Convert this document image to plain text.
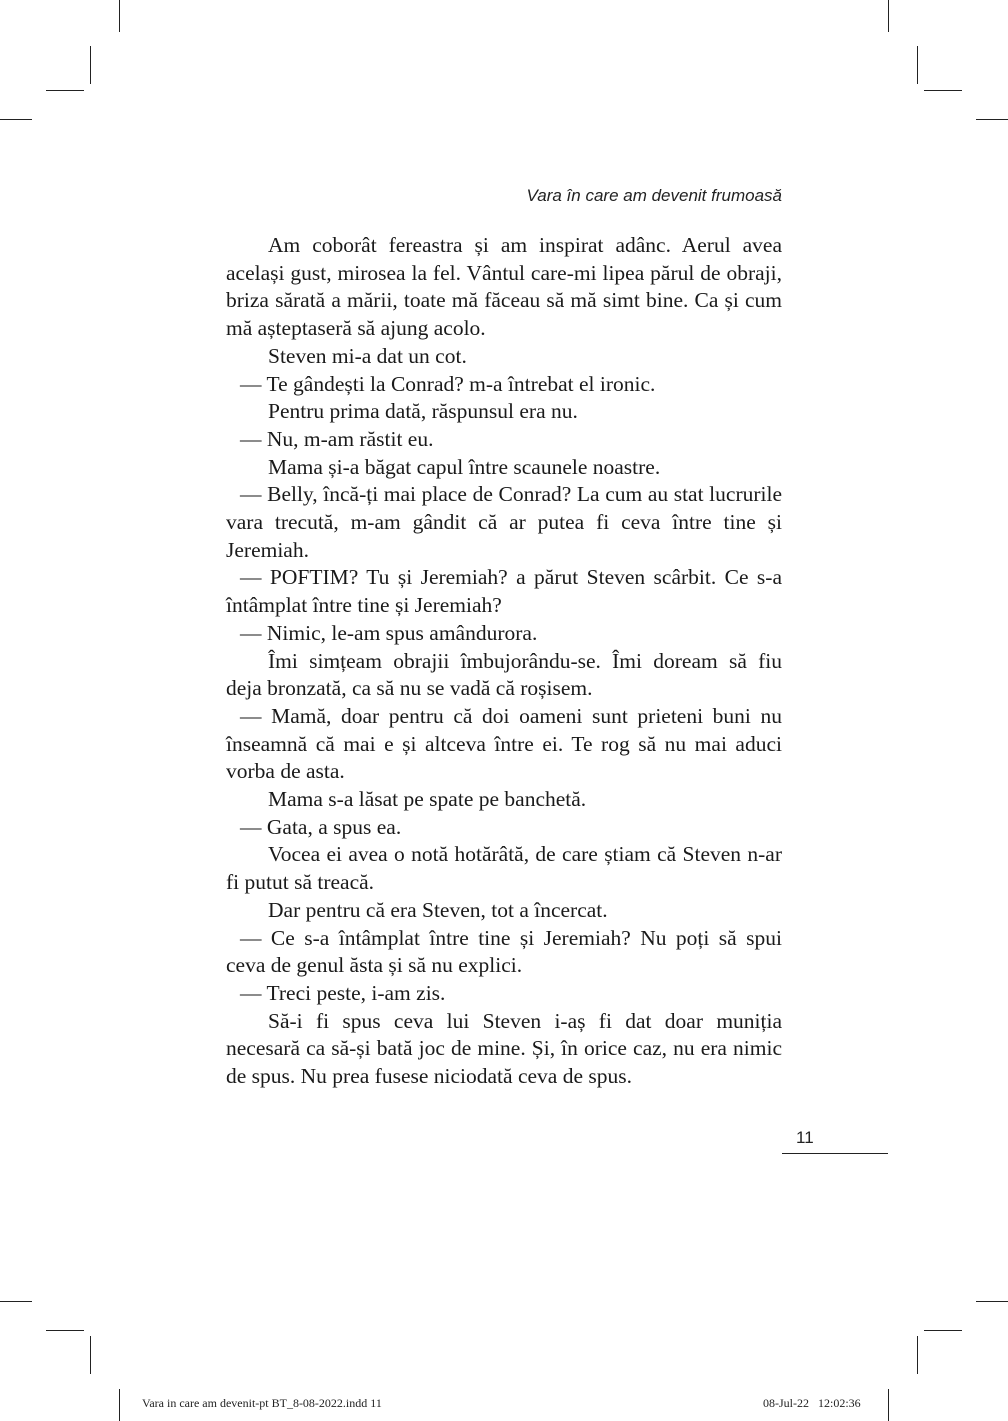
Vara în care am devenit frumoasă

Am coborât fereastra și am inspirat adânc. Aerul avea același gust, mirosea la fel. Vântul care-mi lipea părul de obraji, briza sărată a mării, toate mă făceau să mă simt bine. Ca și cum mă așteptaseră să ajung acolo.

Steven mi-a dat un cot.

— Te gândești la Conrad? m-a întrebat el ironic.

Pentru prima dată, răspunsul era nu.

— Nu, m-am răstit eu.

Mama și-a băgat capul între scaunele noastre.

— Belly, încă-ți mai place de Conrad? La cum au stat lucrurile vara trecută, m-am gândit că ar putea fi ceva între tine și Jeremiah.

— POFTIM? Tu și Jeremiah? a părut Steven scârbit. Ce s-a întâmplat între tine și Jeremiah?

— Nimic, le-am spus amândurora.

Îmi simțeam obrajii îmbujorându-se. Îmi doream să fiu deja bronzată, ca să nu se vadă că roșisem.

— Mamă, doar pentru că doi oameni sunt prieteni buni nu înseamnă că mai e și altceva între ei. Te rog să nu mai aduci vorba de asta.

Mama s-a lăsat pe spate pe banchetă.

— Gata, a spus ea.

Vocea ei avea o notă hotărâtă, de care știam că Steven n-ar fi putut să treacă.

Dar pentru că era Steven, tot a încercat.

— Ce s-a întâmplat între tine și Jeremiah? Nu poți să spui ceva de genul ăsta și să nu explici.

— Treci peste, i-am zis.

Să-i fi spus ceva lui Steven i-aș fi dat doar muniția necesară ca să-și bată joc de mine. Și, în orice caz, nu era nimic de spus. Nu prea fusese niciodată ceva de spus.

11
Vara in care am devenit-pt BT_8-08-2022.indd 11	08-Jul-22 12:02:36
